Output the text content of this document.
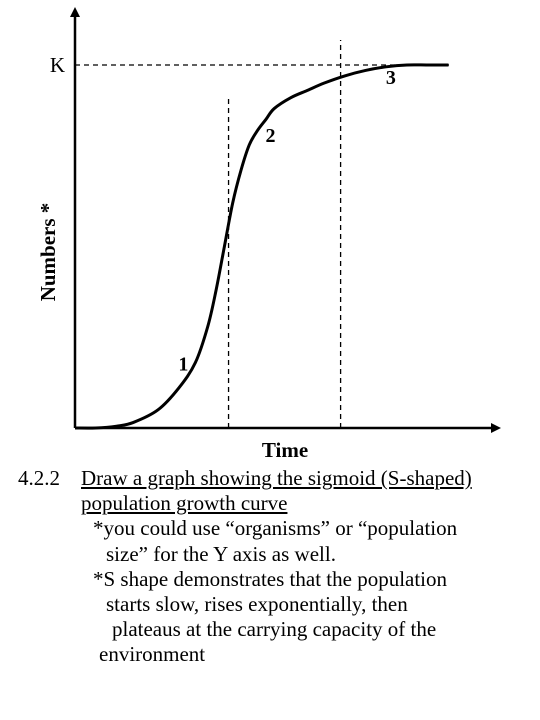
K
1
2
3
Time
Numbers *
4.2.2	Draw a graph showing the sigmoid (S-shaped)
population growth curve
*you could use “organisms” or “population
size” for the Y axis as well.
*S shape demonstrates that the population
starts slow, rises exponentially, then
plateaus at the carrying capacity of the
environment
